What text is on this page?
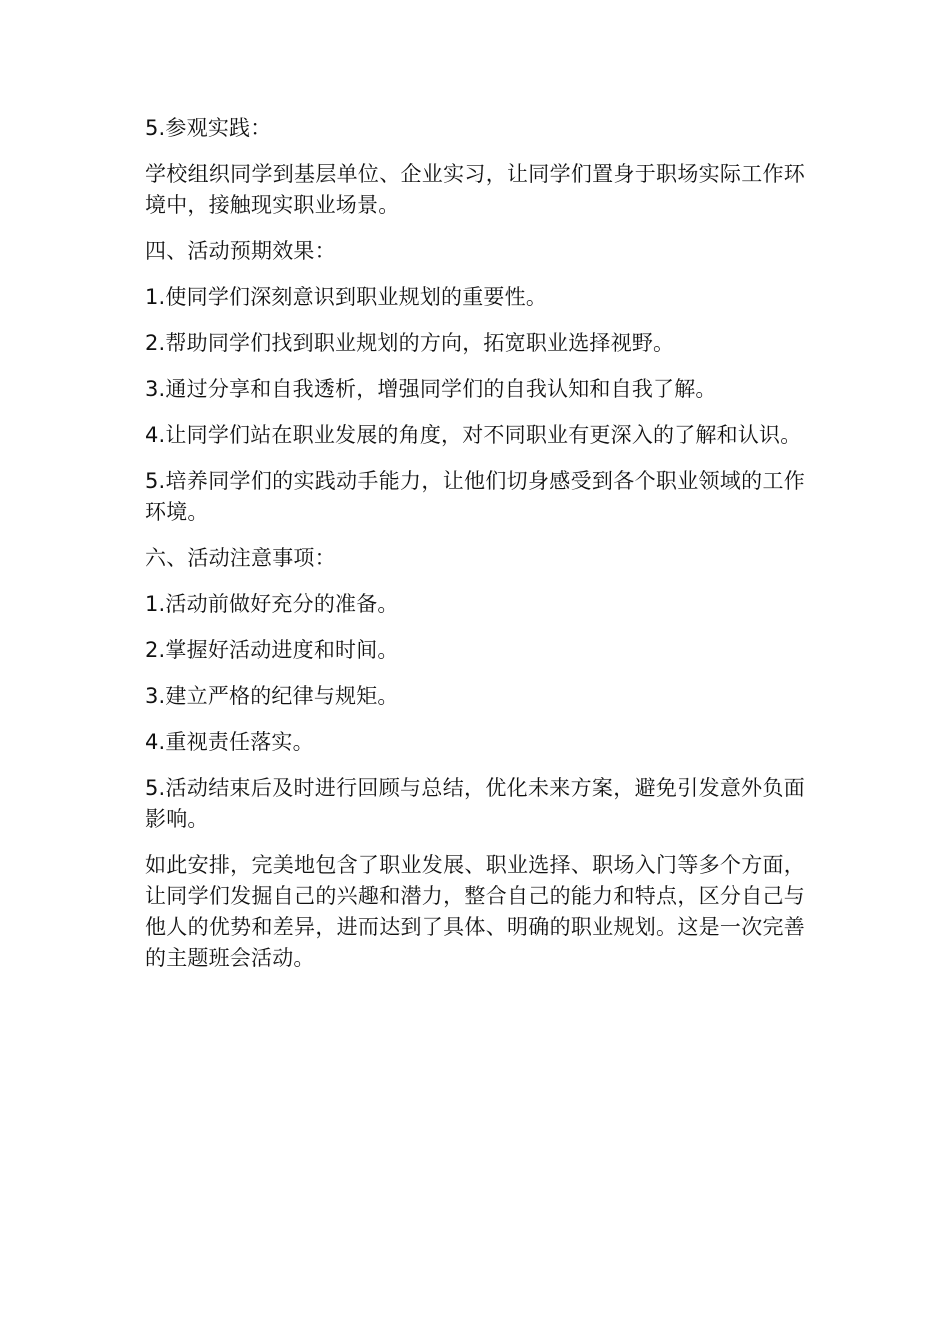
5.参观实践：

学校组织同学到基层单位、企业实习，让同学们置身于职场实际工作环境中，接触现实职业场景。

四、活动预期效果：

1.使同学们深刻意识到职业规划的重要性。

2.帮助同学们找到职业规划的方向，拓宽职业选择视野。

3.通过分享和自我透析，增强同学们的自我认知和自我了解。

4.让同学们站在职业发展的角度，对不同职业有更深入的了解和认识。

5.培养同学们的实践动手能力，让他们切身感受到各个职业领域的工作环境。

六、活动注意事项：

1.活动前做好充分的准备。

2.掌握好活动进度和时间。

3.建立严格的纪律与规矩。

4.重视责任落实。

5.活动结束后及时进行回顾与总结，优化未来方案，避免引发意外负面影响。

如此安排，完美地包含了职业发展、职业选择、职场入门等多个方面，让同学们发掘自己的兴趣和潜力，整合自己的能力和特点，区分自己与他人的优势和差异，进而达到了具体、明确的职业规划。这是一次完善的主题班会活动。
